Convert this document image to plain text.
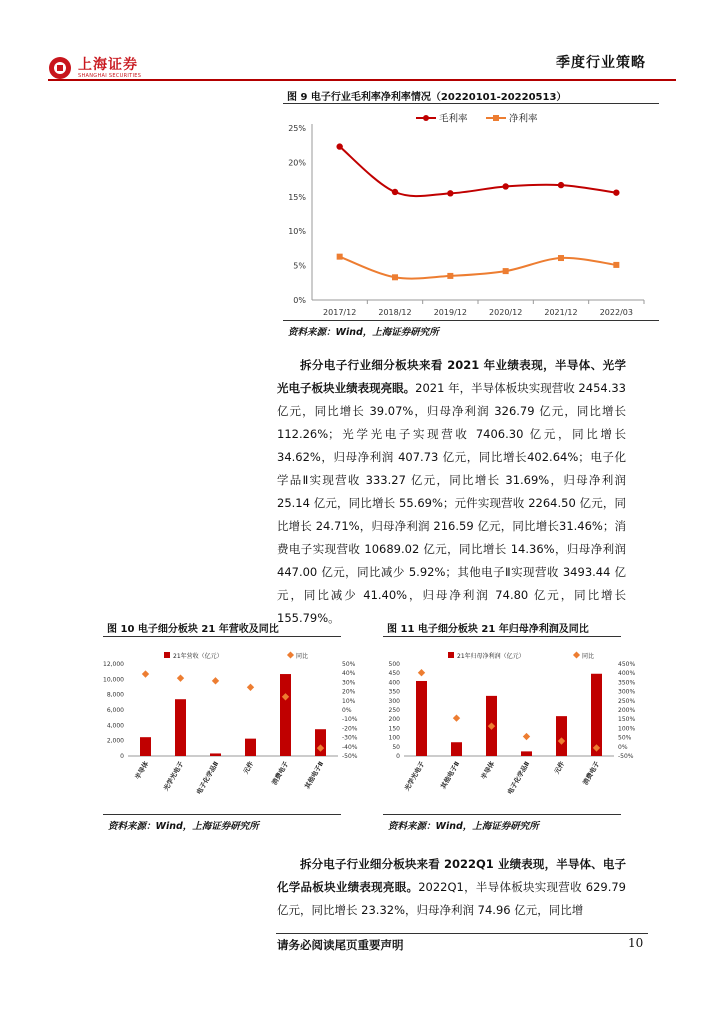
上海证券
SHANGHAI SECURITIES
季度行业策略
图 9 电子行业毛利率净利率情况（20220101-20220513）
毛利率	净利率
0%
5%
10%
15%
20%
25%
2017/12	2018/12	2019/12	2020/12	2021/12	2022/03
资料来源：Wind，上海证券研究所

拆分电子行业细分板块来看 2021 年业绩表现，半导体、光学光电子板块业绩表现亮眼。2021 年，半导体板块实现营收 2454.33 亿元，同比增长 39.07%，归母净利润 326.79 亿元，同比增长 112.26%；光学光电子实现营收 7406.30 亿元，同比增长 34.62%，归母净利润 407.73 亿元，同比增长402.64%；电子化学品Ⅱ实现营收 333.27 亿元，同比增长 31.69%，归母净利润 25.14 亿元，同比增长 55.69%；元件实现营收 2264.50 亿元，同比增长 24.71%，归母净利润 216.59 亿元，同比增长31.46%；消费电子实现营收 10689.02 亿元，同比增长 14.36%，归母净利润 447.00 亿元，同比减少 5.92%；其他电子Ⅱ实现营收 3493.44 亿元，同比减少 41.40%，归母净利润 74.80 亿元，同比增长 155.79%。

图 10 电子细分板块 21 年营收及同比
21年营收（亿元）	同比
0
2,000
4,000
6,000
8,000
10,000
12,000
-50%
-40%
-30%
-20%
-10%
0%
10%
20%
30%
40%
50%
半导体 光学光电子 电子化学品Ⅱ	元件 消费电子 其他电子Ⅱ
资料来源：Wind，上海证券研究所
图 11 电子细分板块 21 年归母净利润及同比
21年归母净利润（亿元）	同比
0
50
100
150
200
250
300
350
400
450
500
-50%
0%
50%
100%
150%
200%
250%
300%
350%
400%
450%
光学光电子 其他电子Ⅱ	半导体 电子化学品Ⅱ	元件 消费电子
资料来源：Wind，上海证券研究所

拆分电子行业细分板块来看 2022Q1 业绩表现，半导体、电子化学品板块业绩表现亮眼。2022Q1，半导体板块实现营收 629.79 亿元，同比增长 23.32%，归母净利润 74.96 亿元，同比增

请务必阅读尾页重要声明	10
